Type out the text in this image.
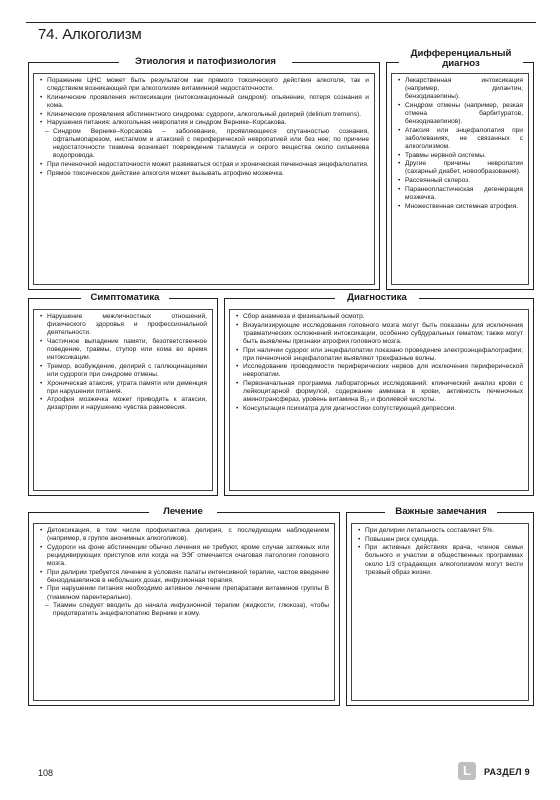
74. Алкоголизм
• Поражение ЦНС может быть результатом как прямого токсического действия алкоголя, так и следствием возникающей при алкоголизме витаминной недостаточности.
• Клинические проявления интоксикации (интоксикационный синдром): опьянение, потеря сознания и кома.
• Клинические проявления абстинентного синдрома: судороги, алкогольный делирий (delirium tremens).
• Нарушения питания: алкогольная невропатия и синдром Вернике–Корсакова.
– Синдром Вернике–Корсакова – заболевание, проявляющееся спутанностью сознания, офтальмопарезом, нистагмом и атаксией с периферической невропатией или без нее; по причине недостаточности тиамина возникает повреждение таламуса и серого вещества около сильвиева водопровода.
• При печеночной недостаточности может развиваться острая и хроническая печеночная энцефалопатия.
• Прямое токсическое действие алкоголя может вызывать атрофию мозжечка.
Этиология и патофизиология
• Лекарственная интоксикация (например, дилантин, бензодиазепины).
• Синдром отмены (например, резкая отмена барбитуратов, бензодиазепинов).
• Атаксия или энцефалопатия при заболеваниях, не связанных с алкоголизмом.
• Травмы нервной системы.
• Другие причины невропатии (сахарный диабет, новообразования).
• Рассеянный склероз.
• Паранеопластическая дегенерация мозжечка.
• Множественная системная атрофия.
Дифференциальный
диагноз
• Нарушение межличностных отношений, физического здоровья и профессиональной деятельности.
• Частичное выпадение памяти, безответственное поведение, травмы, ступор или кома во время интоксикации.
• Тремор, возбуждение, делирий с галлюцинациями или судороги при синдроме отмены.
• Хроническая атаксия, утрата памяти или деменция при нарушении питания.
• Атрофия мозжечка может приводить к атаксии, дизартрии и нарушению чувства равновесия.
Симптоматика
• Сбор анамнеза и физикальный осмотр.
• Визуализирующие исследования головного мозга могут быть показаны для исключения травматических осложнений интоксикации, особенно субдуральных гематом; также могут быть выявлены признаки атрофии головного мозга.
• При наличии судорог или энцефалопатии показано проведение электроэнцефалографии; при печеночной энцефалопатии выявляют трехфазные волны.
• Исследование проводимости периферических нервов для исключения периферической невропатии.
• Первоначальная программа лабораторных исследований: клинический анализ крови с лейкоцитарной формулой, содержание аммиака в крови, активность печеночных аминотрансфераз, уровень витамина B₁₂ и фолиевой кислоты.
• Консультация психиатра для диагностики сопутствующей депрессии.
Диагностика
• Детоксикация, в том числе профилактика делирия, с последующим наблюдением (например, в группе анонимных алкоголиков).
• Судороги на фоне абстиненции обычно лечения не требуют, кроме случае затяжных или рецидивирующих приступов или когда на ЭЭГ отмечается очаговая патология головного мозга.
• При делирии требуется лечение в условиях палаты интенсивной терапии, частое введение бензодиазепинов в небольших дозах, инфузионная терапия.
• При нарушении питания необходимо активное лечение препаратами витаминов группы B (тиамином парентерально).
– Тиамин следует вводить до начала инфузионной терапии (жидкости, глюкоза), чтобы предотвратить энцефалопатию Вернике и кому.
Лечение
• При делирии летальность составляет 5%.
• Повышен риск суицида.
• При активных действиях врача, членов семьи больного и участии в общественных программах около 1/3 страдающих алкоголизмом могут вести трезвый образ жизни.
Важные замечания
108	L	РАЗДЕЛ 9
